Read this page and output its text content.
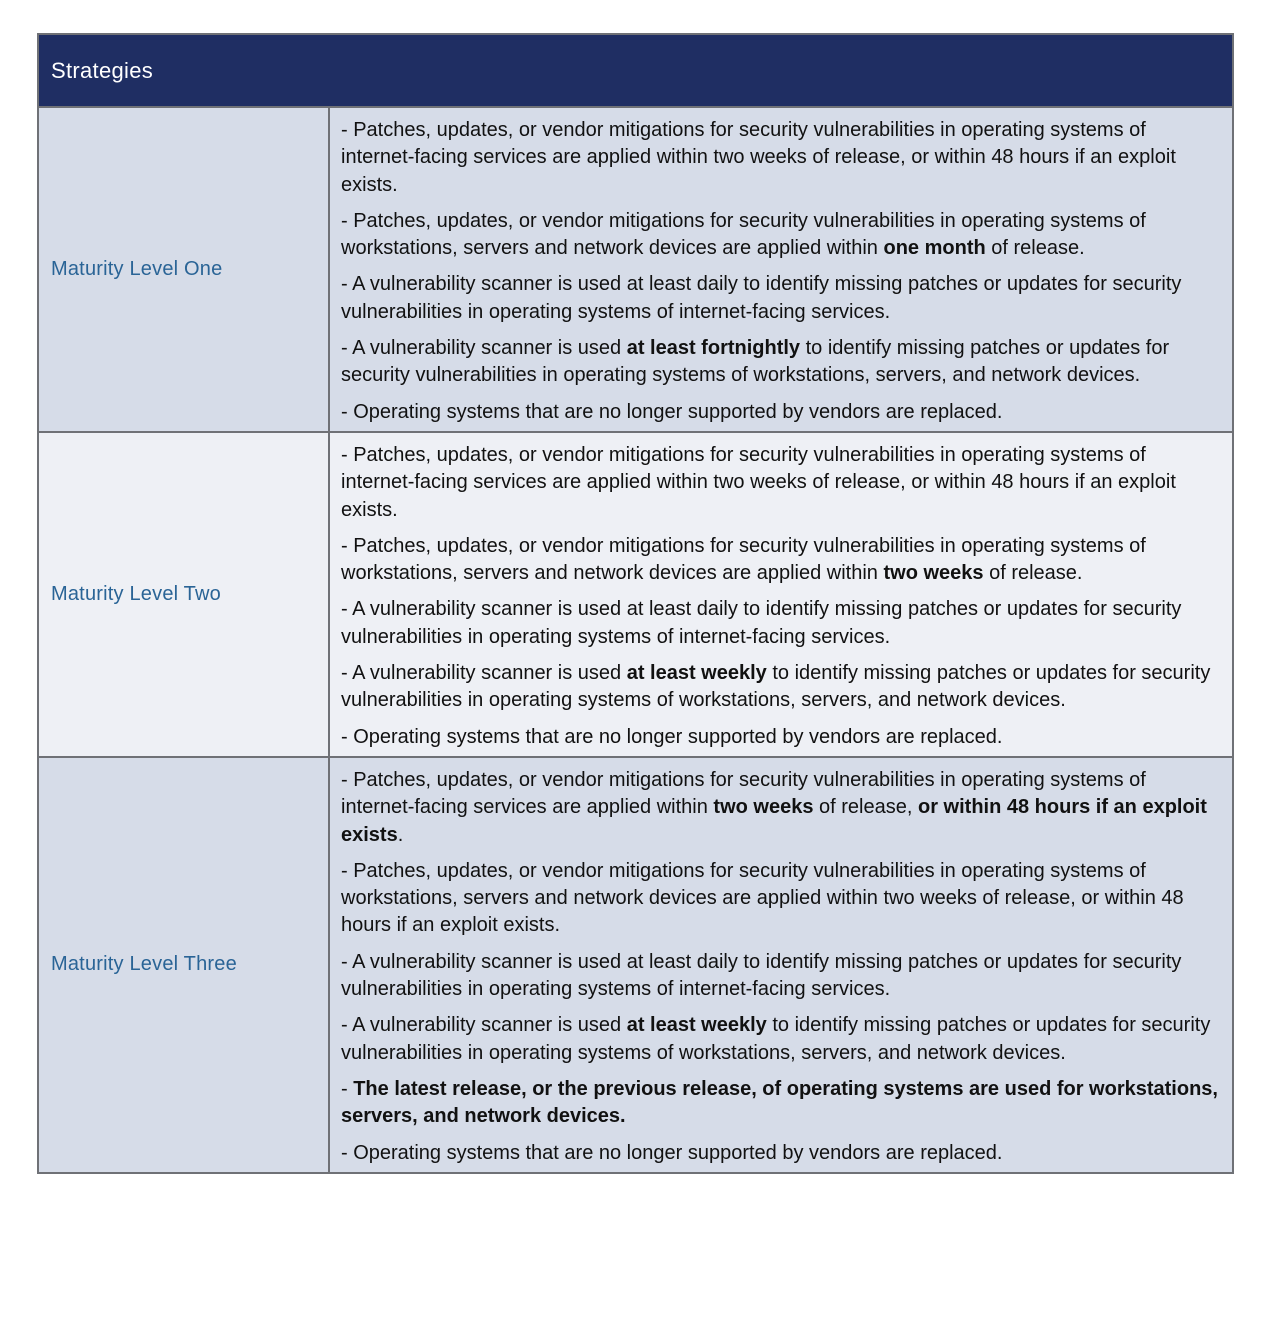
Strategies
Maturity Level One
- Patches, updates, or vendor mitigations for security vulnerabilities in operating systems of internet-facing services are applied within two weeks of release, or within 48 hours if an exploit exists.
- Patches, updates, or vendor mitigations for security vulnerabilities in operating systems of workstations, servers and network devices are applied within one month of release.
- A vulnerability scanner is used at least daily to identify missing patches or updates for security vulnerabilities in operating systems of internet-facing services.
- A vulnerability scanner is used at least fortnightly to identify missing patches or updates for security vulnerabilities in operating systems of workstations, servers, and network devices.
- Operating systems that are no longer supported by vendors are replaced.
Maturity Level Two
- Patches, updates, or vendor mitigations for security vulnerabilities in operating systems of internet-facing services are applied within two weeks of release, or within 48 hours if an exploit exists.
- Patches, updates, or vendor mitigations for security vulnerabilities in operating systems of workstations, servers and network devices are applied within two weeks of release.
- A vulnerability scanner is used at least daily to identify missing patches or updates for security vulnerabilities in operating systems of internet-facing services.
- A vulnerability scanner is used at least weekly to identify missing patches or updates for security vulnerabilities in operating systems of workstations, servers, and network devices.
- Operating systems that are no longer supported by vendors are replaced.
Maturity Level Three
- Patches, updates, or vendor mitigations for security vulnerabilities in operating systems of internet-facing services are applied within two weeks of release, or within 48 hours if an exploit exists.
- Patches, updates, or vendor mitigations for security vulnerabilities in operating systems of workstations, servers and network devices are applied within two weeks of release, or within 48 hours if an exploit exists.
- A vulnerability scanner is used at least daily to identify missing patches or updates for security vulnerabilities in operating systems of internet-facing services.
- A vulnerability scanner is used at least weekly to identify missing patches or updates for security vulnerabilities in operating systems of workstations, servers, and network devices.
- The latest release, or the previous release, of operating systems are used for workstations, servers, and network devices.
- Operating systems that are no longer supported by vendors are replaced.
